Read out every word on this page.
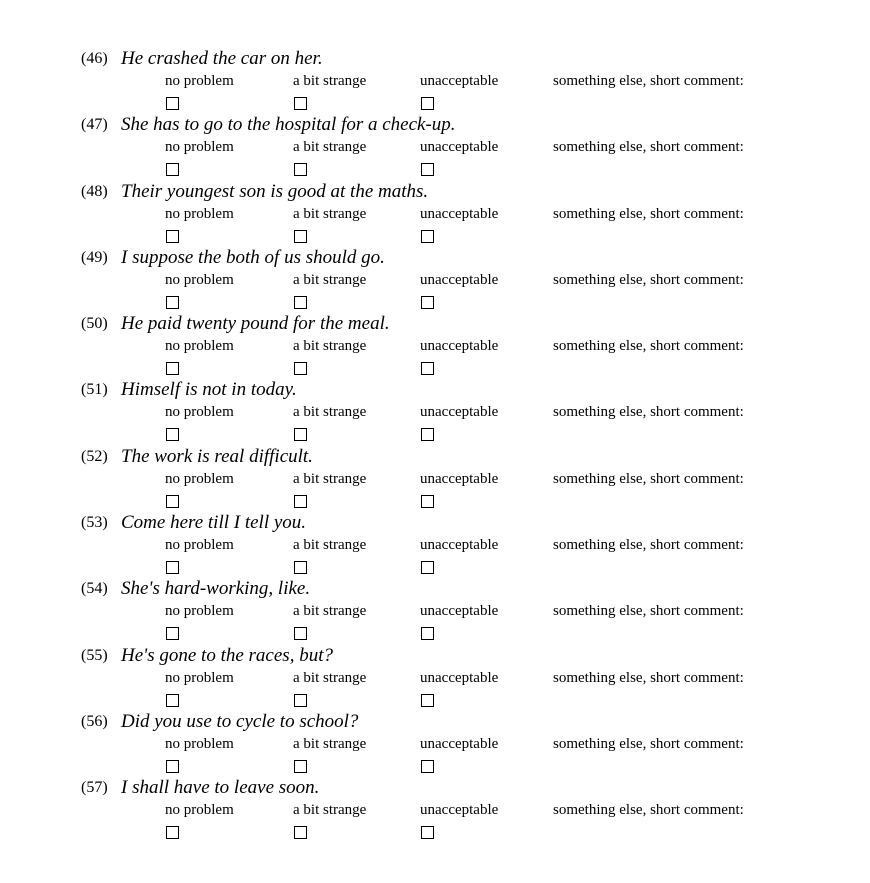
(46) He crashed the car on her.
no problem	a bit strange	unacceptable	something else, short comment:
(47) She has to go to the hospital for a check-up.
no problem	a bit strange	unacceptable	something else, short comment:
(48) Their youngest son is good at the maths.
no problem	a bit strange	unacceptable	something else, short comment:
(49) I suppose the both of us should go.
no problem	a bit strange	unacceptable	something else, short comment:
(50) He paid twenty pound for the meal.
no problem	a bit strange	unacceptable	something else, short comment:
(51) Himself is not in today.
no problem	a bit strange	unacceptable	something else, short comment:
(52) The work is real difficult.
no problem	a bit strange	unacceptable	something else, short comment:
(53) Come here till I tell you.
no problem	a bit strange	unacceptable	something else, short comment:
(54) She's hard-working, like.
no problem	a bit strange	unacceptable	something else, short comment:
(55) He's gone to the races, but?
no problem	a bit strange	unacceptable	something else, short comment:
(56) Did you use to cycle to school?
no problem	a bit strange	unacceptable	something else, short comment:
(57) I shall have to leave soon.
no problem	a bit strange	unacceptable	something else, short comment:
